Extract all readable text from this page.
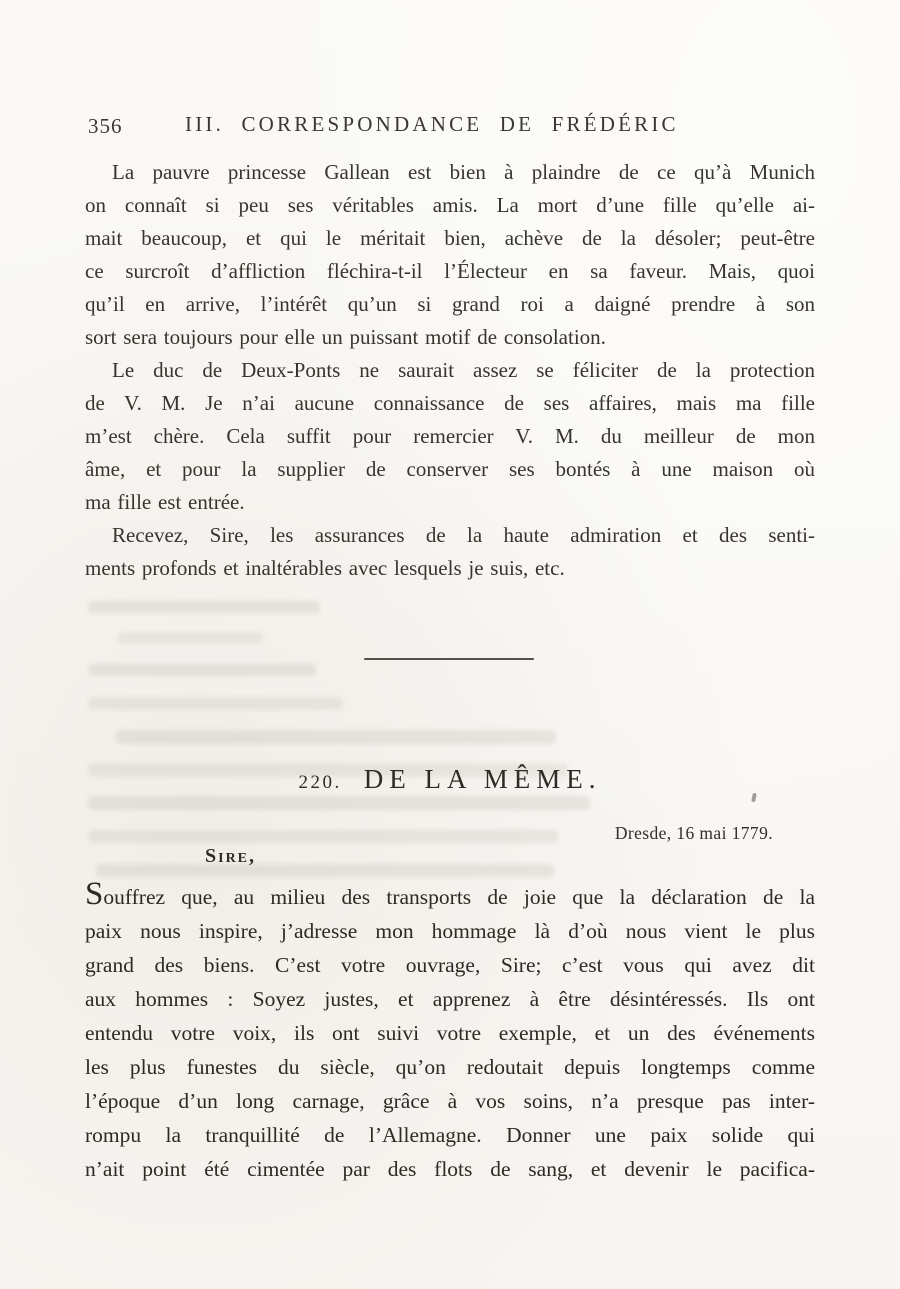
356	III. CORRESPONDANCE DE FRÉDÉRIC
La pauvre princesse Gallean est bien à plaindre de ce qu’à Munich
on connaît si peu ses véritables amis. La mort d’une fille qu’elle ai-
mait beaucoup, et qui le méritait bien, achève de la désoler; peut-être
ce surcroît d’affliction fléchira-t-il l’Électeur en sa faveur. Mais, quoi
qu’il en arrive, l’intérêt qu’un si grand roi a daigné prendre à son
sort sera toujours pour elle un puissant motif de consolation.
Le duc de Deux-Ponts ne saurait assez se féliciter de la protection
de V. M. Je n’ai aucune connaissance de ses affaires, mais ma fille
m’est chère. Cela suffit pour remercier V. M. du meilleur de mon
âme, et pour la supplier de conserver ses bontés à une maison où
ma fille est entrée.
Recevez, Sire, les assurances de la haute admiration et des senti-
ments profonds et inaltérables avec lesquels je suis, etc.
220. DE LA MÊME.
Dresde, 16 mai 1779.
Sire,
Souffrez que, au milieu des transports de joie que la déclaration de la
paix nous inspire, j’adresse mon hommage là d’où nous vient le plus
grand des biens. C’est votre ouvrage, Sire; c’est vous qui avez dit
aux hommes : Soyez justes, et apprenez à être désintéressés. Ils ont
entendu votre voix, ils ont suivi votre exemple, et un des événements
les plus funestes du siècle, qu’on redoutait depuis longtemps comme
l’époque d’un long carnage, grâce à vos soins, n’a presque pas inter-
rompu la tranquillité de l’Allemagne. Donner une paix solide qui
n’ait point été cimentée par des flots de sang, et devenir le pacifica-
